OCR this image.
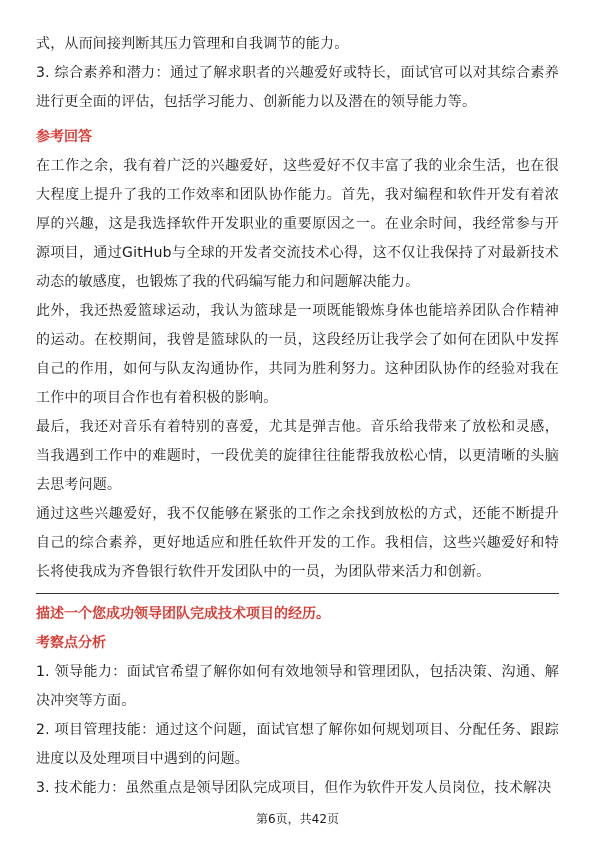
式，从而间接判断其压力管理和自我调节的能力。

3. 综合素养和潜力：通过了解求职者的兴趣爱好或特长，面试官可以对其综合素养进行更全面的评估，包括学习能力、创新能力以及潜在的领导能力等。

参考回答

在工作之余，我有着广泛的兴趣爱好，这些爱好不仅丰富了我的业余生活，也在很大程度上提升了我的工作效率和团队协作能力。首先，我对编程和软件开发有着浓厚的兴趣，这是我选择软件开发职业的重要原因之一。在业余时间，我经常参与开源项目，通过GitHub与全球的开发者交流技术心得，这不仅让我保持了对最新技术动态的敏感度，也锻炼了我的代码编写能力和问题解决能力。

此外，我还热爱篮球运动，我认为篮球是一项既能锻炼身体也能培养团队合作精神的运动。在校期间，我曾是篮球队的一员，这段经历让我学会了如何在团队中发挥自己的作用，如何与队友沟通协作，共同为胜利努力。这种团队协作的经验对我在工作中的项目合作也有着积极的影响。

最后，我还对音乐有着特别的喜爱，尤其是弹吉他。音乐给我带来了放松和灵感，当我遇到工作中的难题时，一段优美的旋律往往能帮我放松心情，以更清晰的头脑去思考问题。

通过这些兴趣爱好，我不仅能够在紧张的工作之余找到放松的方式，还能不断提升自己的综合素养，更好地适应和胜任软件开发的工作。我相信，这些兴趣爱好和特长将使我成为齐鲁银行软件开发团队中的一员，为团队带来活力和创新。

描述一个您成功领导团队完成技术项目的经历。
考察点分析

1. 领导能力：面试官希望了解你如何有效地领导和管理团队，包括决策、沟通、解决冲突等方面。

2. 项目管理技能：通过这个问题，面试官想了解你如何规划项目、分配任务、跟踪进度以及处理项目中遇到的问题。

3. 技术能力：虽然重点是领导团队完成项目，但作为软件开发人员岗位，技术解决

第6页，共42页
